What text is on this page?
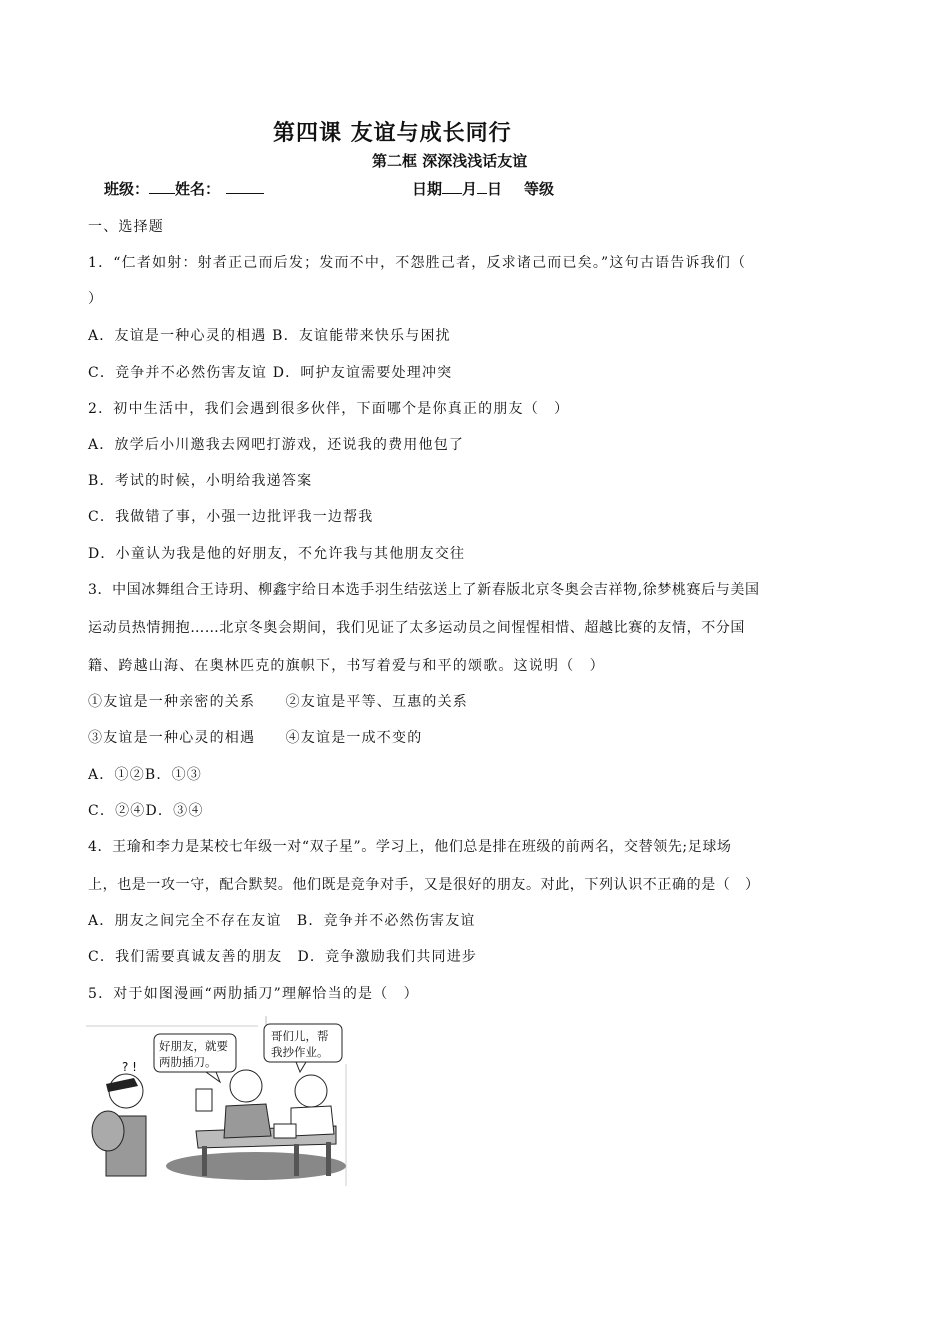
第四课 友谊与成长同行
第二框 深深浅浅话友谊
班级： 姓名：	日期 月 日 等级
一、选择题
1．“仁者如射：射者正己而后发；发而不中，不怨胜己者，反求诸己而已矣。”这句古语告诉我们（
）
A．友谊是一种心灵的相遇 B．友谊能带来快乐与困扰
C．竞争并不必然伤害友谊 D．呵护友谊需要处理冲突
2．初中生活中，我们会遇到很多伙伴，下面哪个是你真正的朋友（　）
A．放学后小川邀我去网吧打游戏，还说我的费用他包了
B．考试的时候，小明给我递答案
C．我做错了事，小强一边批评我一边帮我
D．小童认为我是他的好朋友，不允许我与其他朋友交往
3．中国冰舞组合王诗玥、柳鑫宇给日本选手羽生结弦送上了新春版北京冬奥会吉祥物,徐梦桃赛后与美国
运动员热情拥抱……北京冬奥会期间，我们见证了太多运动员之间惺惺相惜、超越比赛的友情，不分国
籍、跨越山海、在奥林匹克的旗帜下，书写着爱与和平的颂歌。这说明（　）
①友谊是一种亲密的关系　　②友谊是平等、互惠的关系
③友谊是一种心灵的相遇　　④友谊是一成不变的
A．①②B．①③
C．②④D．③④
4．王瑜和李力是某校七年级一对“双子星”。学习上，他们总是排在班级的前两名，交替领先;足球场
上，也是一攻一守，配合默契。他们既是竞争对手，又是很好的朋友。对此，下列认识不正确的是（　）
A．朋友之间完全不存在友谊　B．竞争并不必然伤害友谊
C．我们需要真诚友善的朋友　D．竞争激励我们共同进步
5．对于如图漫画“两肋插刀”理解恰当的是（　）
? !
好朋友，就要
两肋插刀。
哥们儿，帮
我抄作业。
